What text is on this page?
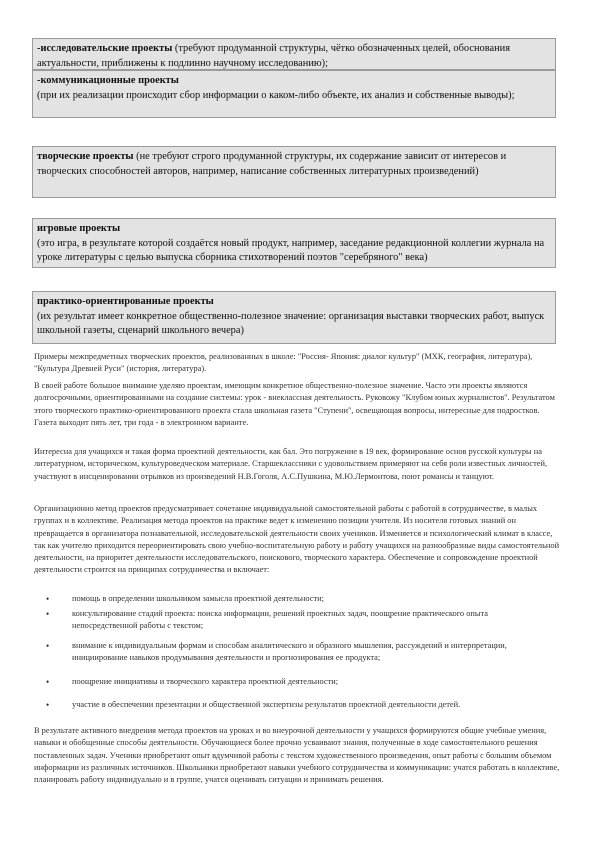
-исследовательские проекты (требуют продуманной структуры, чётко обозначенных целей, обоснования актуальности, приближены к подлинно научному исследованию);
-коммуникационные проекты
(при их реализации происходит сбор информации о каком-либо объекте, их анализ и собственные выводы);
творческие проекты (не требуют строго продуманной структуры, их содержание зависит от интересов и творческих способностей авторов, например, написание собственных литературных произведений)
игровые проекты
(это игра, в результате которой создаётся новый продукт, например, заседание редакционной коллегии журнала на уроке литературы с целью выпуска сборника стихотворений поэтов "серебряного" века)
практико-ориентированные проекты
(их результат имеет конкретное общественно-полезное значение: организация выставки творческих работ, выпуск школьной газеты, сценарий школьного вечера)

Примеры межпредметных творческих проектов, реализованных в школе: "Россия- Япония: диалог культур" (МХК, география, литература), "Культура Древней Руси" (история, литература).

В своей работе большое внимание уделяю проектам, имеющим конкретное общественно-полезное значение. Часто эти проекты являются долгосрочными, ориентированными на создание системы: урок - внеклассная деятельность. Руковожу "Клубом юных журналистов". Результатом этого творческого практико-ориентированного проекта стала школьная газета "Ступени", освещающая вопросы, интересные для подростков. Газета выходит пять лет, три года - в электронном варианте.

Интересна для учащихся и такая форма проектной деятельности, как бал. Это погружение в 19 век, формирование основ русской культуры на литературном, историческом, культуроведческом материале. Старшеклассники с удовольствием примеряют на себя роли известных личностей, участвуют в инсценировании отрывков из произведений Н.В.Гоголя, А.С.Пушкина, М.Ю.Лермонтова, поют романсы и танцуют.

Организационно метод проектов предусматривает сочетание индивидуальной самостоятельной работы с работой в сотрудничестве, в малых группах и в коллективе. Реализация метода проектов на практике ведет к изменению позиции учителя. Из носителя готовых знаний он превращается в организатора познавательной, исследовательской деятельности своих учеников. Изменяется и психологический климат в классе, так как учителю приходится переориентировать свою учебно-воспитательную работу и работу учащихся на разнообразные виды самостоятельной деятельности, на приоритет деятельности исследовательского, поискового, творческого характера. Обеспечение и сопровождение проектной деятельности строится на принципах сотрудничества и включает:

•	помощь в определении школьником замысла проектной деятельности;
•	консультирование стадий проекта: поиска информации, решений проектных задач, поощрение практического опыта непосредственной работы с текстом;
•	внимание к индивидуальным формам и способам аналитического и образного мышления, рассуждений и интерпретации, инициирование навыков продумывания деятельности и прогнозирования ее продукта;
•	поощрение инициативы и творческого характера проектной деятельности;
•	участие в обеспечении презентации и общественной экспертизы результатов проектной деятельности детей.

В результате активного внедрения метода проектов на уроках и во внеурочной деятельности у учащихся формируются общие учебные умения, навыки и обобщенные способы деятельности. Обучающиеся более прочно усваивают знания, полученные в ходе самостоятельного решения поставленных задач. Ученики приобретают опыт вдумчивой работы с текстом художественного произведения, опыт работы с большим объемом информации из различных источников. Школьники приобретают навыки учебного сотрудничества и коммуникации: учатся работать в коллективе, планировать работу индивидуально и в группе, учатся оценивать ситуации и принимать решения.
